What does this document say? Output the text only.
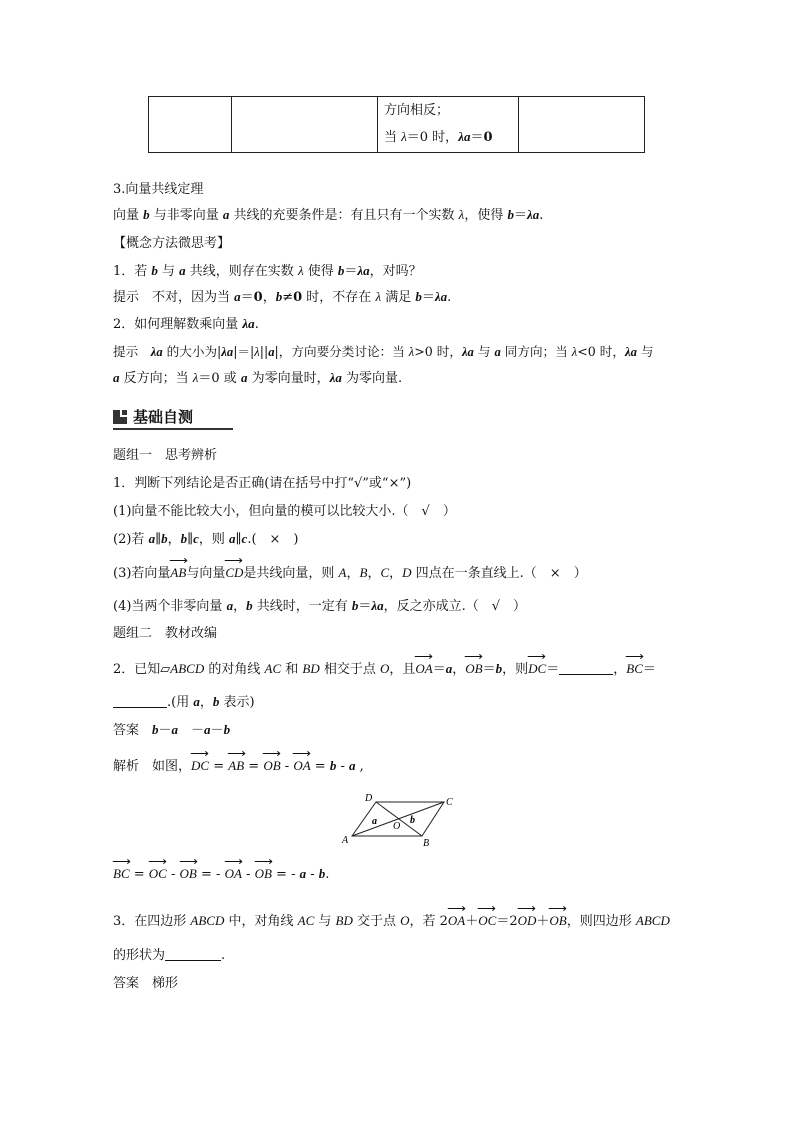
方向相反；
当 λ＝0 时，λa＝0

3.向量共线定理
向量 b 与非零向量 a 共线的充要条件是：有且只有一个实数 λ，使得 b＝λa.
【概念方法微思考】
1．若 b 与 a 共线，则存在实数 λ 使得 b＝λa，对吗？
提示　不对，因为当 a＝0，b≠0 时，不存在 λ 满足 b＝λa.
2．如何理解数乘向量 λa.
提示　λa 的大小为|λa|＝|λ||a|，方向要分类讨论：当 λ>0 时，λa 与 a 同方向；当 λ<0 时，λa 与
a 反方向；当 λ＝0 或 a 为零向量时，λa 为零向量.
基础自测
题组一　思考辨析
1．判断下列结论是否正确(请在括号中打“√”或“×”)
(1)向量不能比较大小，但向量的模可以比较大小.（　√　）
(2)若 a∥b，b∥c，则 a∥c.(　×　)
(3)若向量⟶ AB与向量⟶ CD是共线向量，则 A，B，C，D 四点在一条直线上.（　×　）
(4)当两个非零向量 a，b 共线时，一定有 b＝λa，反之亦成立.（　√　）
题组二　教材改编
2．已知▱ABCD 的对角线 AC 和 BD 相交于点 O，且⟶ OA＝a，⟶ OB＝b，则⟶ DC＝	，⟶ BC＝
.(用 a，b 表示)
答案　b－a　－a－b
解析　如图，⟶ DC = ⟶ AB = ⟶ OB - ⟶ OA = b - a ,
D	C
A	B
O
a	b
⟶ BC = ⟶ OC - ⟶ OB = - ⟶ OA - ⟶ OB = - a - b.
3．在四边形 ABCD 中，对角线 AC 与 BD 交于点 O，若 2⟶ OA＋⟶ OC＝2⟶ OD＋⟶ OB，则四边形 ABCD
的形状为	.
答案　梯形
